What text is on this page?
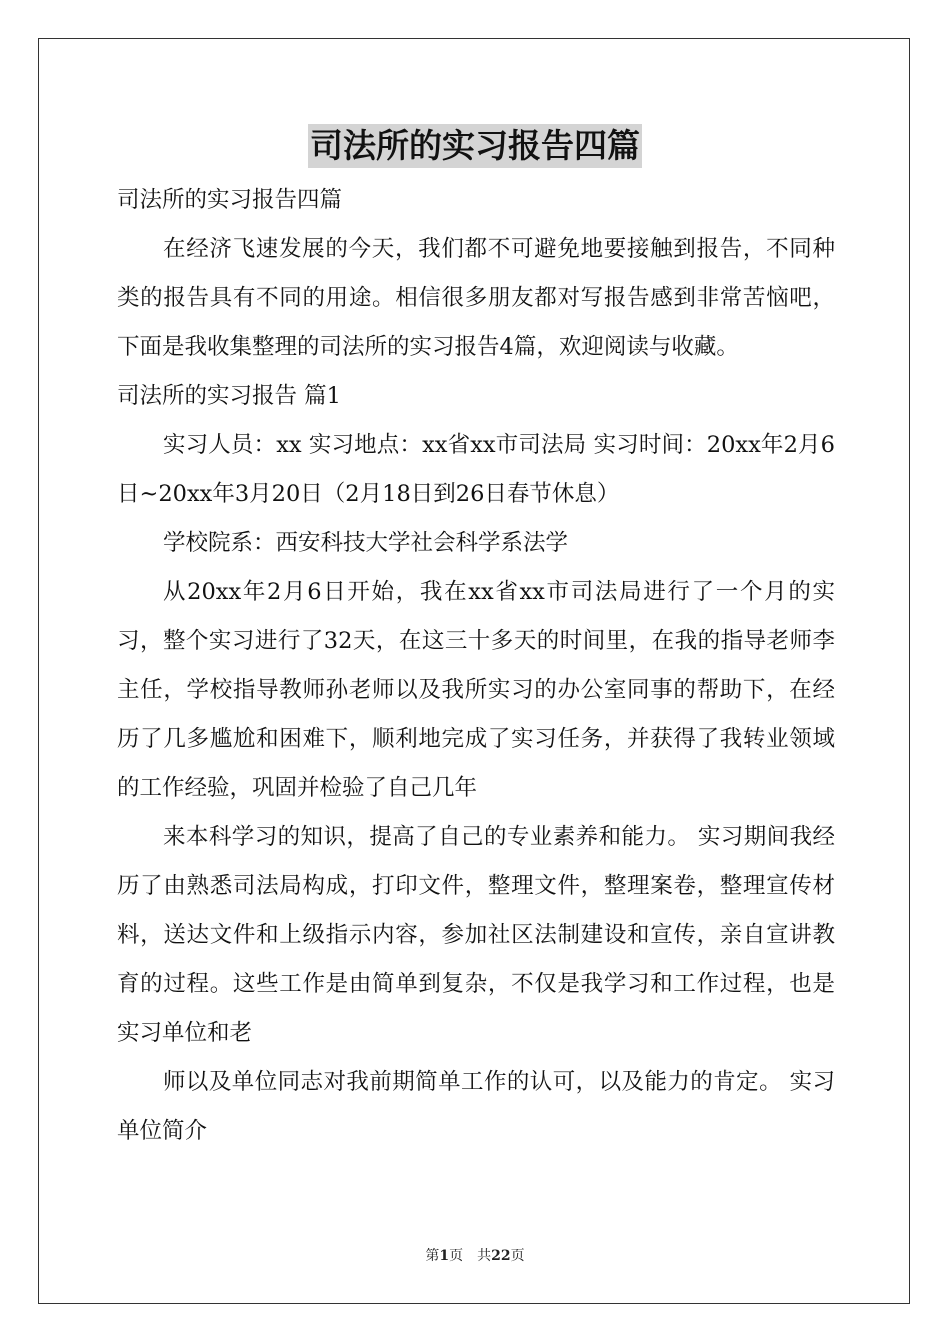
司法所的实习报告四篇

司法所的实习报告四篇

在经济飞速发展的今天，我们都不可避免地要接触到报告，不同种类的报告具有不同的用途。相信很多朋友都对写报告感到非常苦恼吧，下面是我收集整理的司法所的实习报告4篇，欢迎阅读与收藏。

司法所的实习报告 篇1

实习人员：xx 实习地点：xx省xx市司法局 实习时间：20xx年2月6日~20xx年3月20日（2月18日到26日春节休息）

学校院系：西安科技大学社会科学系法学

从20xx年2月6日开始，我在xx省xx市司法局进行了一个月的实习，整个实习进行了32天，在这三十多天的时间里，在我的指导老师李主任，学校指导教师孙老师以及我所实习的办公室同事的帮助下，在经历了几多尴尬和困难下，顺利地完成了实习任务，并获得了我转业领域的工作经验，巩固并检验了自己几年

来本科学习的知识，提高了自己的专业素养和能力。 实习期间我经历了由熟悉司法局构成，打印文件，整理文件，整理案卷，整理宣传材料，送达文件和上级指示内容，参加社区法制建设和宣传，亲自宣讲教育的过程。这些工作是由简单到复杂，不仅是我学习和工作过程，也是实习单位和老

师以及单位同志对我前期简单工作的认可，以及能力的肯定。 实习单位简介

第1页 共22页
